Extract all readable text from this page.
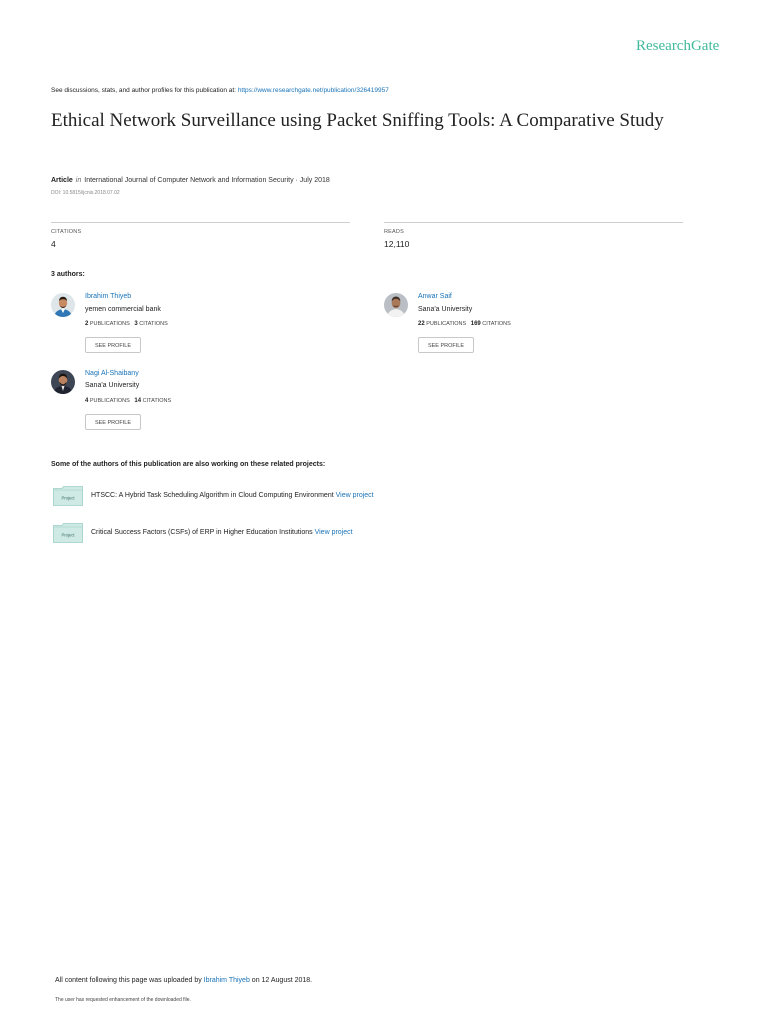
ResearchGate
See discussions, stats, and author profiles for this publication at: https://www.researchgate.net/publication/326419957
Ethical Network Surveillance using Packet Sniffing Tools: A Comparative Study
Article in International Journal of Computer Network and Information Security · July 2018
DOI: 10.5815/ijcnis.2018.07.02
CITATIONS
4
READS
12,110
3 authors:
Ibrahim Thiyeb
yemen commercial bank
2 PUBLICATIONS 3 CITATIONS
SEE PROFILE
Anwar Saif
Sana'a University
22 PUBLICATIONS 169 CITATIONS
SEE PROFILE
Nagi Al-Shaibany
Sana'a University
4 PUBLICATIONS 14 CITATIONS
SEE PROFILE
Some of the authors of this publication are also working on these related projects:
Project HTSCC: A Hybrid Task Scheduling Algorithm in Cloud Computing Environment View project
Project Critical Success Factors (CSFs) of ERP in Higher Education Institutions View project
All content following this page was uploaded by Ibrahim Thiyeb on 12 August 2018.
The user has requested enhancement of the downloaded file.
